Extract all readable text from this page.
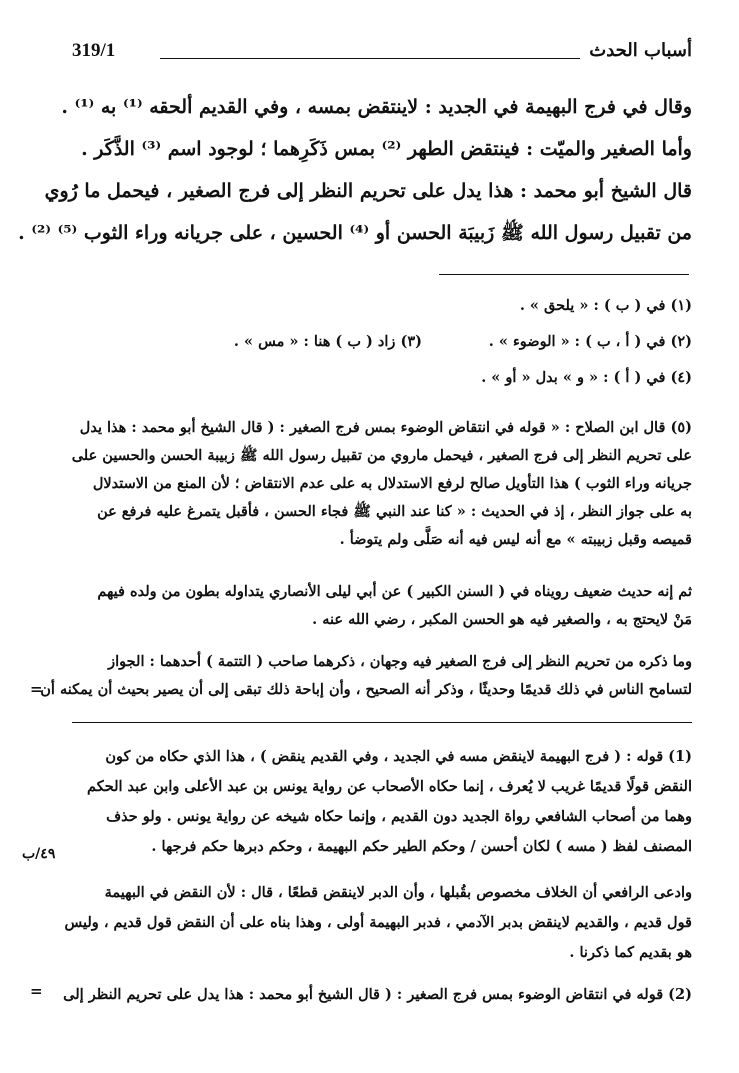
319/1	أسباب الحدث

وقال في فرج البهيمة في الجديد : لاينتقض بمسه ، وفي القديم ألحقه ⁽¹⁾ به ⁽¹⁾ .

وأما الصغير والميّت : فينتقض الطهر ⁽²⁾ بمس ذَكَرِهما ؛ لوجود اسم ⁽³⁾ الذَّكَر .

قال الشيخ أبو محمد : هذا يدل على تحريم النظر إلى فرج الصغير ، فيحمل ما رُوي

من تقبيل رسول الله ﷺ زَبيبَة الحسن أو ⁽⁴⁾ الحسين ، على جريانه وراء الثوب ⁽⁵⁾ ⁽²⁾ .

(١) في ( ب ) : « يلحق » .
(٢) في ( أ ، ب ) : « الوضوء » .
(٣) زاد ( ب ) هنا : « مس » .
(٤) في ( أ ) : « و » بدل « أو » .

(٥) قال ابن الصلاح : « قوله في انتقاض الوضوء بمس فرج الصغير : ( قال الشيخ أبو محمد : هذا يدل

على تحريم النظر إلى فرج الصغير ، فيحمل ماروي من تقبيل رسول الله ﷺ زبيبة الحسن والحسين على

جريانه وراء الثوب ) هذا التأويل صالح لرفع الاستدلال به على عدم الانتقاض ؛ لأن المنع من الاستدلال

به على جواز النظر ، إذ في الحديث : « كنا عند النبي ﷺ فجاء الحسن ، فأقبل يتمرغ عليه فرفع عن

قميصه وقبل زبيبته » مع أنه ليس فيه أنه صَلَّى ولم يتوضأ .

ثم إنه حديث ضعيف رويناه في ( السنن الكبير ) عن أبي ليلى الأنصاري يتداوله بطون من ولده فيهم

مَنْ لايحتج به ، والصغير فيه هو الحسن المكبر ، رضي الله عنه .

وما ذكره من تحريم النظر إلى فرج الصغير فيه وجهان ، ذكرهما صاحب ( التتمة ) أحدهما : الجواز

لتسامح الناس في ذلك قديمًا وحديثًا ، وذكر أنه الصحيح ، وأن إباحة ذلك تبقى إلى أن يصير بحيث أن يمكنه أن

=

(1) قوله : ( فرج البهيمة لاينقض مسه في الجديد ، وفي القديم ينقض ) ، هذا الذي حكاه من كون

النقض قولًا قديمًا غريب لا يُعرف ، إنما حكاه الأصحاب عن رواية يونس بن عبد الأعلى وابن عبد الحكم

وهما من أصحاب الشافعي رواة الجديد دون القديم ، وإنما حكاه شيخه عن رواية يونس . ولو حذف

المصنف لفظ ( مسه ) لكان أحسن / وحكم الطير حكم البهيمة ، وحكم دبرها حكم فرجها .

٤٩/ب

وادعى الرافعي أن الخلاف مخصوص بقُبلها ، وأن الدبر لاينقض قطعًا ، قال : لأن النقض في البهيمة

قول قديم ، والقديم لاينقض بدبر الآدمي ، فدبر البهيمة أولى ، وهذا بناه على أن النقض قول قديم ، وليس

هو بقديم كما ذكرنا .

(2) قوله في انتقاض الوضوء بمس فرج الصغير : ( قال الشيخ أبو محمد : هذا يدل على تحريم النظر إلى

=
